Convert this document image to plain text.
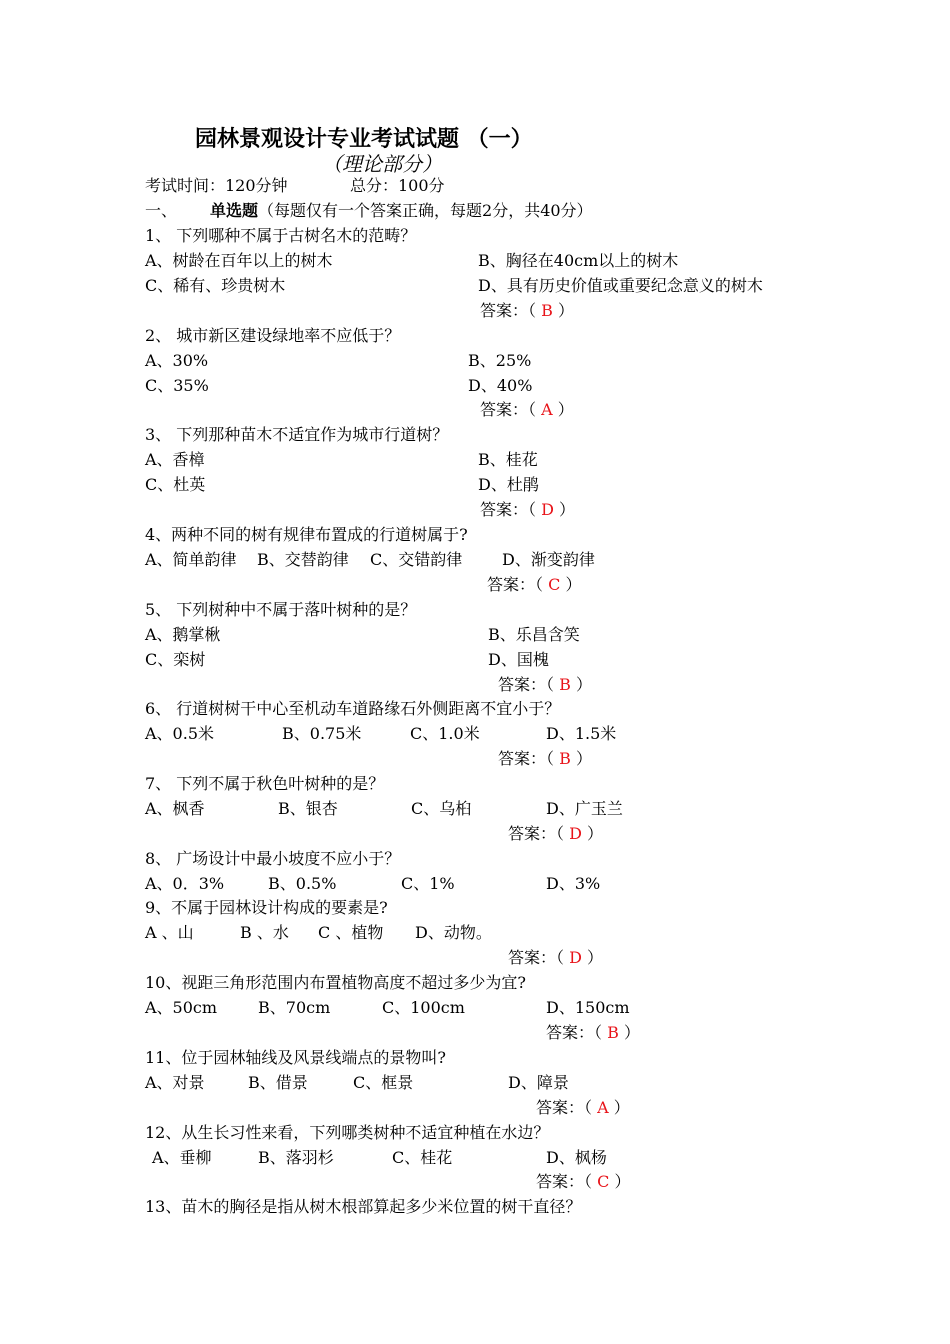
园林景观设计专业考试试题 （一）
（理论部分）
考试时间：120分钟	总分：100分
一、 单选题（每题仅有一个答案正确，每题2分，共40分）
1、 下列哪种不属于古树名木的范畴？
A、树龄在百年以上的树木	B、胸径在40cm以上的树木
C、稀有、珍贵树木	D、具有历史价值或重要纪念意义的树木
答案：（ B ）
2、 城市新区建设绿地率不应低于？
A、30%	B、25%
C、35%	D、40%
答案：（ A ）
3、 下列那种苗木不适宜作为城市行道树？
A、香樟	B、桂花
C、杜英	D、杜鹃
答案：（ D ）
4、两种不同的树有规律布置成的行道树属于?
A、简单韵律 B、交替韵律 C、交错韵律 D、渐变韵律
答案：（ C ）
5、 下列树种中不属于落叶树种的是？
A、鹅掌楸	B、乐昌含笑
C、栾树	D、国槐
答案：（ B ）
6、 行道树树干中心至机动车道路缘石外侧距离不宜小于？
A、0.5米	B、0.75米	C、1.0米	D、1.5米
答案：（ B ）
7、 下列不属于秋色叶树种的是？
A、枫香	B、银杏	C、乌桕	D、广玉兰
答案：（ D ）
8、 广场设计中最小坡度不应小于？
A、0．3%	B、0.5%	C、1%	D、3%
9、不属于园林设计构成的要素是?
A 、山	B 、水 C 、植物 D、动物。
答案：（ D ）
10、视距三角形范围内布置植物高度不超过多少为宜?
A、50cm	B、70cm	C、100cm	D、150cm
答案：（ B ）
11、位于园林轴线及风景线端点的景物叫?
A、对景	B、借景	C、框景	D、障景
答案：（ A ）
12、从生长习性来看，下列哪类树种不适宜种植在水边？
A、垂柳	B、落羽杉	C、桂花	D、枫杨
答案：（ C ）
13、苗木的胸径是指从树木根部算起多少米位置的树干直径？
